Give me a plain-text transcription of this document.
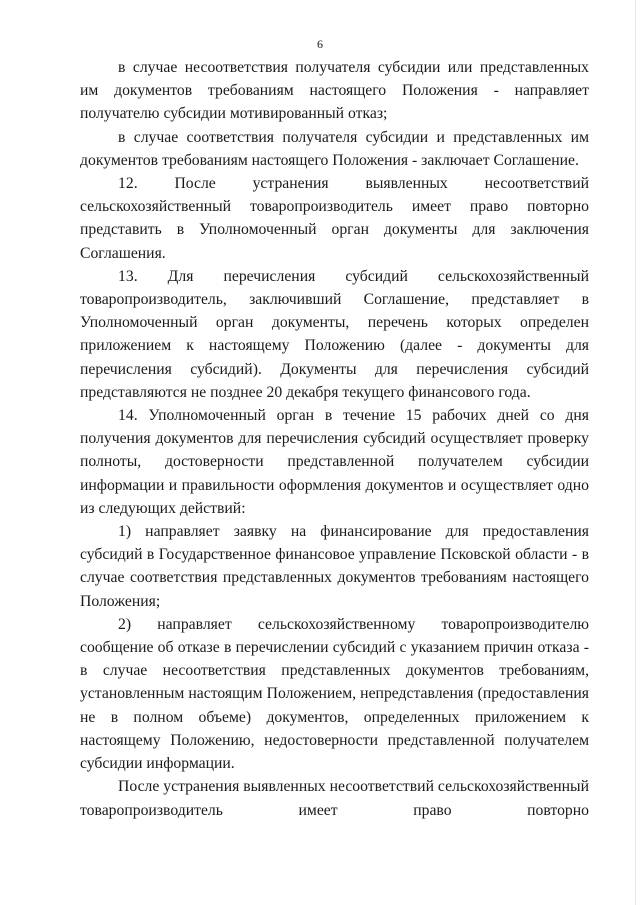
6

в случае несоответствия получателя субсидии или представленных им документов требованиям настоящего Положения - направляет получателю субсидии мотивированный отказ;

в случае соответствия получателя субсидии и представленных им документов требованиям настоящего Положения - заключает Соглашение.

12. После устранения выявленных несоответствий сельскохозяйственный товаропроизводитель имеет право повторно представить в Уполномоченный орган документы для заключения Соглашения.

13. Для перечисления субсидий сельскохозяйственный товаропроизводитель, заключивший Соглашение, представляет в Уполномоченный орган документы, перечень которых определен приложением к настоящему Положению (далее - документы для перечисления субсидий). Документы для перечисления субсидий представляются не позднее 20 декабря текущего финансового года.

14. Уполномоченный орган в течение 15 рабочих дней со дня получения документов для перечисления субсидий осуществляет проверку полноты, достоверности представленной получателем субсидии информации и правильности оформления документов и осуществляет одно из следующих действий:

1) направляет заявку на финансирование для предоставления субсидий в Государственное финансовое управление Псковской области - в случае соответствия представленных документов требованиям настоящего Положения;

2) направляет сельскохозяйственному товаропроизводителю сообщение об отказе в перечислении субсидий с указанием причин отказа - в случае несоответствия представленных документов требованиям, установленным настоящим Положением, непредставления (предоставления не в полном объеме) документов, определенных приложением к настоящему Положению, недостоверности представленной получателем субсидии информации.

После устранения выявленных несоответствий сельскохозяйственный товаропроизводитель имеет право повторно
